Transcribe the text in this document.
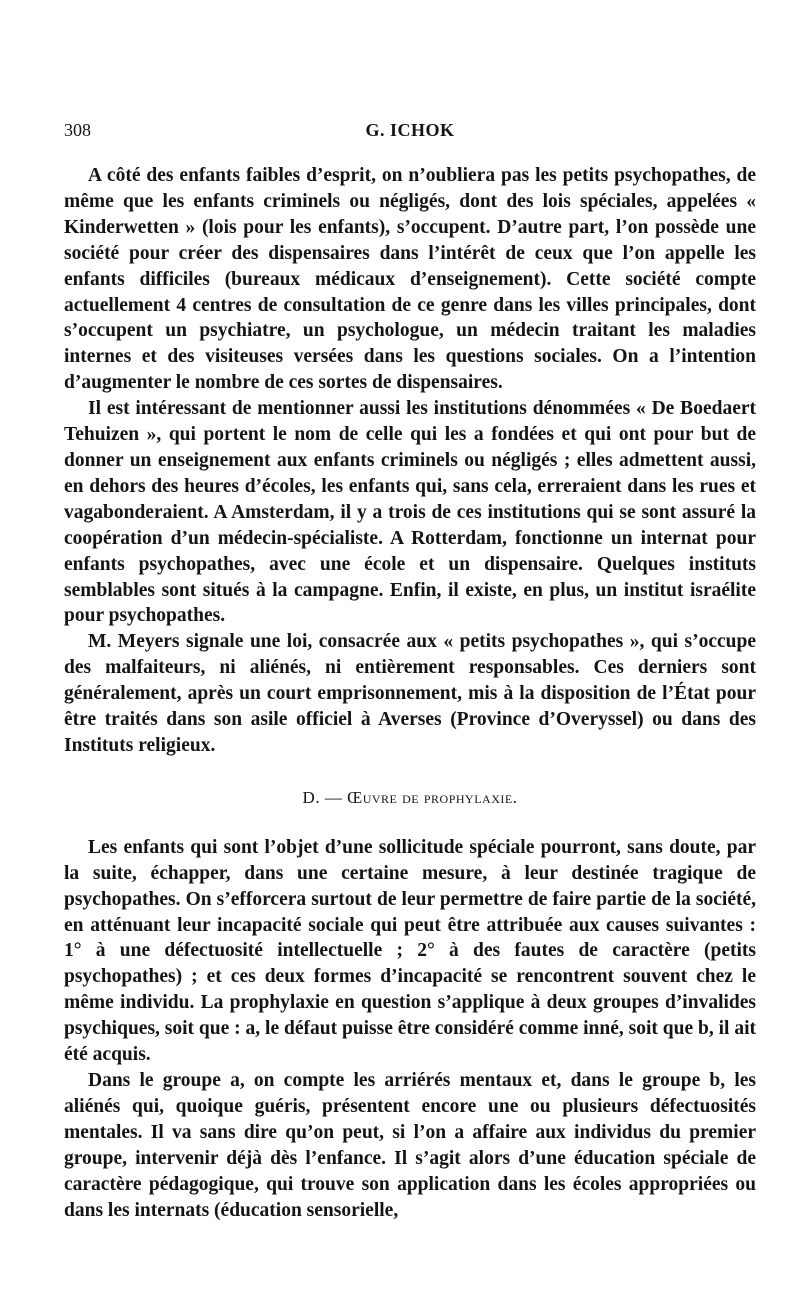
308	G. ICHOK

A côté des enfants faibles d’esprit, on n’oubliera pas les petits psychopathes, de même que les enfants criminels ou négligés, dont des lois spéciales, appelées « Kinderwetten » (lois pour les enfants), s’occupent. D’autre part, l’on possède une société pour créer des dispensaires dans l’intérêt de ceux que l’on appelle les enfants difficiles (bureaux médicaux d’enseignement). Cette société compte actuellement 4 centres de consultation de ce genre dans les villes principales, dont s’occupent un psychiatre, un psychologue, un médecin traitant les maladies internes et des visiteuses versées dans les questions sociales. On a l’intention d’augmenter le nombre de ces sortes de dispensaires.

Il est intéressant de mentionner aussi les institutions dénommées « De Boedaert Tehuizen », qui portent le nom de celle qui les a fondées et qui ont pour but de donner un enseignement aux enfants criminels ou négligés ; elles admettent aussi, en dehors des heures d’écoles, les enfants qui, sans cela, erreraient dans les rues et vagabonderaient. A Amsterdam, il y a trois de ces institutions qui se sont assuré la coopération d’un médecin-spécialiste. A Rotterdam, fonctionne un internat pour enfants psychopathes, avec une école et un dispensaire. Quelques instituts semblables sont situés à la campagne. Enfin, il existe, en plus, un institut israélite pour psychopathes.

M. Meyers signale une loi, consacrée aux « petits psychopathes », qui s’occupe des malfaiteurs, ni aliénés, ni entièrement responsables. Ces derniers sont généralement, après un court emprisonnement, mis à la disposition de l’État pour être traités dans son asile officiel à Averses (Province d’Overyssel) ou dans des Instituts religieux.

D. — Œuvre de prophylaxie.

Les enfants qui sont l’objet d’une sollicitude spéciale pourront, sans doute, par la suite, échapper, dans une certaine mesure, à leur destinée tragique de psychopathes. On s’efforcera surtout de leur permettre de faire partie de la société, en atténuant leur incapacité sociale qui peut être attribuée aux causes suivantes : 1° à une défectuosité intellectuelle ; 2° à des fautes de caractère (petits psychopathes) ; et ces deux formes d’incapacité se rencontrent souvent chez le même individu. La prophylaxie en question s’applique à deux groupes d’invalides psychiques, soit que : a, le défaut puisse être considéré comme inné, soit que b, il ait été acquis.

Dans le groupe a, on compte les arriérés mentaux et, dans le groupe b, les aliénés qui, quoique guéris, présentent encore une ou plusieurs défectuosités mentales. Il va sans dire qu’on peut, si l’on a affaire aux individus du premier groupe, intervenir déjà dès l’enfance. Il s’agit alors d’une éducation spéciale de caractère pédagogique, qui trouve son application dans les écoles appropriées ou dans les internats (éducation sensorielle,
